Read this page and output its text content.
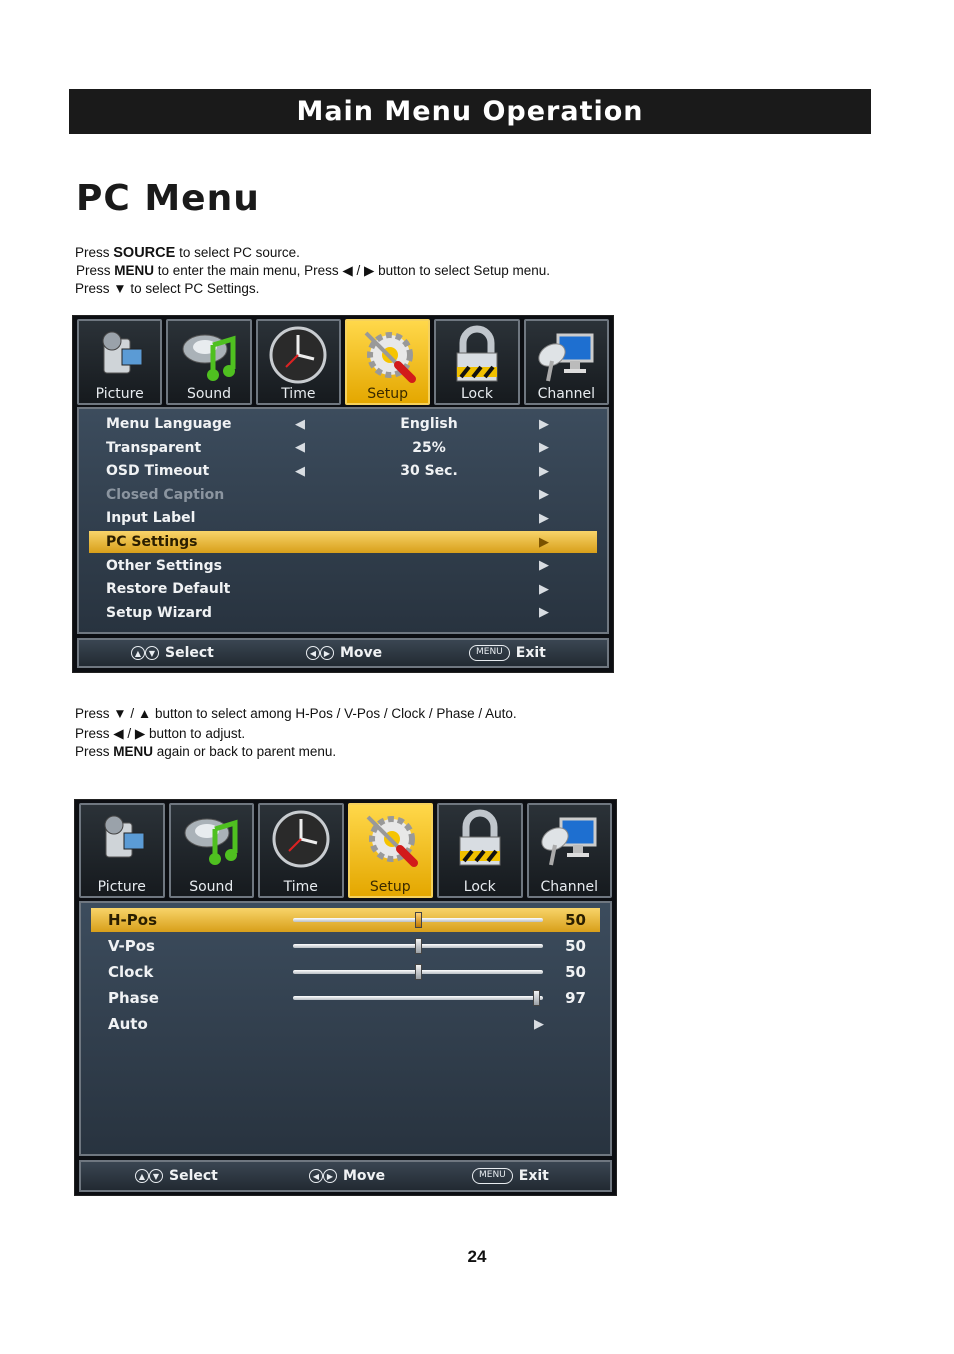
Main Menu Operation
PC Menu
Press SOURCE to select PC source.
Press MENU to enter the main menu, Press ◀ / ▶ button to select Setup menu.
Press ▼ to select PC Settings.
Picture	Sound	Time	Setup	Lock	Channel
Menu Language	◀	English	▶
Transparent	◀	25%	▶
OSD Timeout	◀	30 Sec.	▶
Closed Caption	▶
Input Label	▶
PC Settings	▶
Other Settings	▶
Restore Default	▶
Setup Wizard	▶
▲ ▼ Select	◀ ▶ Move	MENU Exit
Press ▼ / ▲ button to select among H-Pos / V-Pos / Clock / Phase / Auto.
Press ◀ / ▶ button to adjust.
Press MENU again or back to parent menu.
Picture	Sound	Time	Setup	Lock	Channel
H-Pos	50
V-Pos	50
Clock	50
Phase	97
Auto	▶
▲ ▼ Select	◀ ▶ Move	MENU Exit
24
